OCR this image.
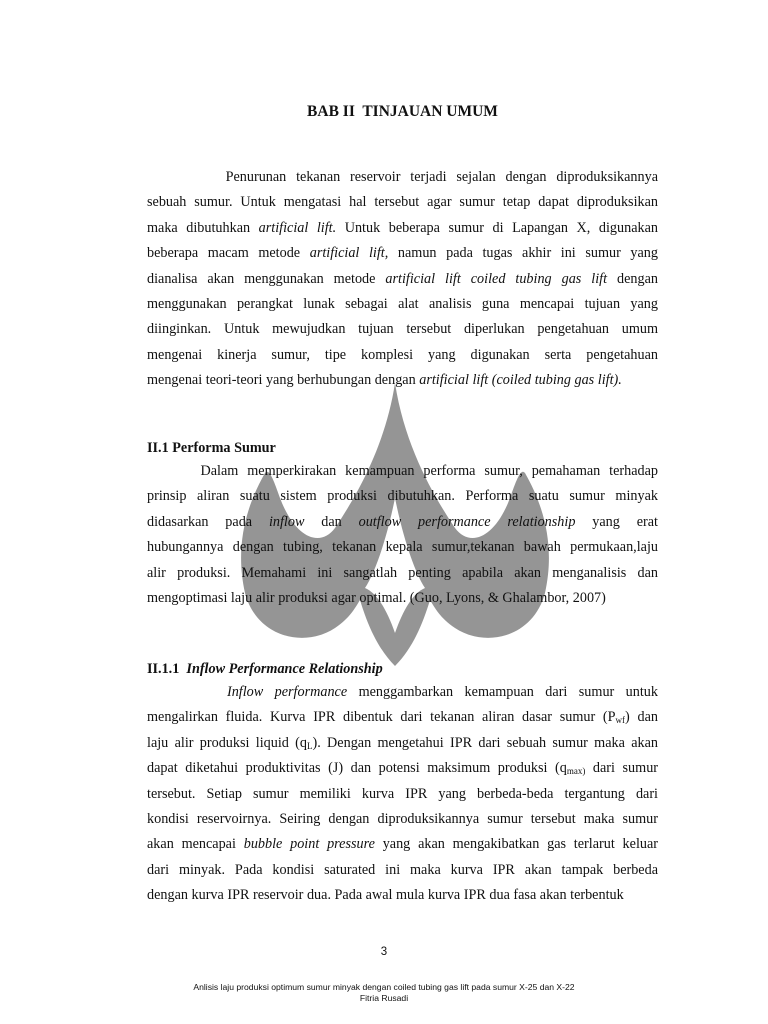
BAB II  TINJAUAN UMUM
Penurunan tekanan reservoir terjadi sejalan dengan diproduksikannya
sebuah sumur. Untuk mengatasi hal tersebut agar sumur tetap dapat diproduksikan
maka dibutuhkan artificial lift. Untuk beberapa sumur di Lapangan X, digunakan
beberapa macam metode artificial lift, namun pada tugas akhir ini sumur yang
dianalisa akan menggunakan metode artificial lift coiled tubing gas lift dengan
menggunakan perangkat lunak sebagai alat analisis guna mencapai tujuan yang
diinginkan. Untuk mewujudkan tujuan tersebut diperlukan pengetahuan umum
mengenai kinerja sumur, tipe komplesi yang digunakan serta pengetahuan
mengenai teori-teori yang berhubungan dengan artificial lift (coiled tubing gas lift).
II.1 Performa Sumur
Dalam memperkirakan kemampuan performa sumur, pemahaman terhadap
prinsip aliran suatu sistem produksi dibutuhkan. Performa suatu sumur minyak
didasarkan pada inflow dan outflow performance relationship yang erat
hubungannya dengan tubing, tekanan kepala sumur,tekanan bawah permukaan,laju
alir produksi. Memahami ini sangatlah penting apabila akan menganalisis dan
mengoptimasi laju alir produksi agar optimal. (Guo, Lyons, & Ghalambor, 2007)
II.1.1 Inflow Performance Relationship
Inflow performance menggambarkan kemampuan dari sumur untuk
mengalirkan fluida. Kurva IPR dibentuk dari tekanan aliran dasar sumur $(P_{wf})$ dan
laju alir produksi liquid $(q_L)$. Dengan mengetahui IPR dari sebuah sumur maka akan
dapat diketahui produktivitas (J) dan potensi maksimum produksi ($q_{max)}$ dari sumur
tersebut. Setiap sumur memiliki kurva IPR yang berbeda-beda tergantung dari
kondisi reservoirnya. Seiring dengan diproduksikannya sumur tersebut maka sumur
akan mencapai bubble point pressure yang akan mengakibatkan gas terlarut keluar
dari minyak. Pada kondisi saturated ini maka kurva IPR akan tampak berbeda
dengan kurva IPR reservoir dua. Pada awal mula kurva IPR dua fasa akan terbentuk
3
Anlisis laju produksi optimum sumur minyak dengan coiled tubing gas lift pada sumur X-25 dan X-22
Fitria Rusadi
